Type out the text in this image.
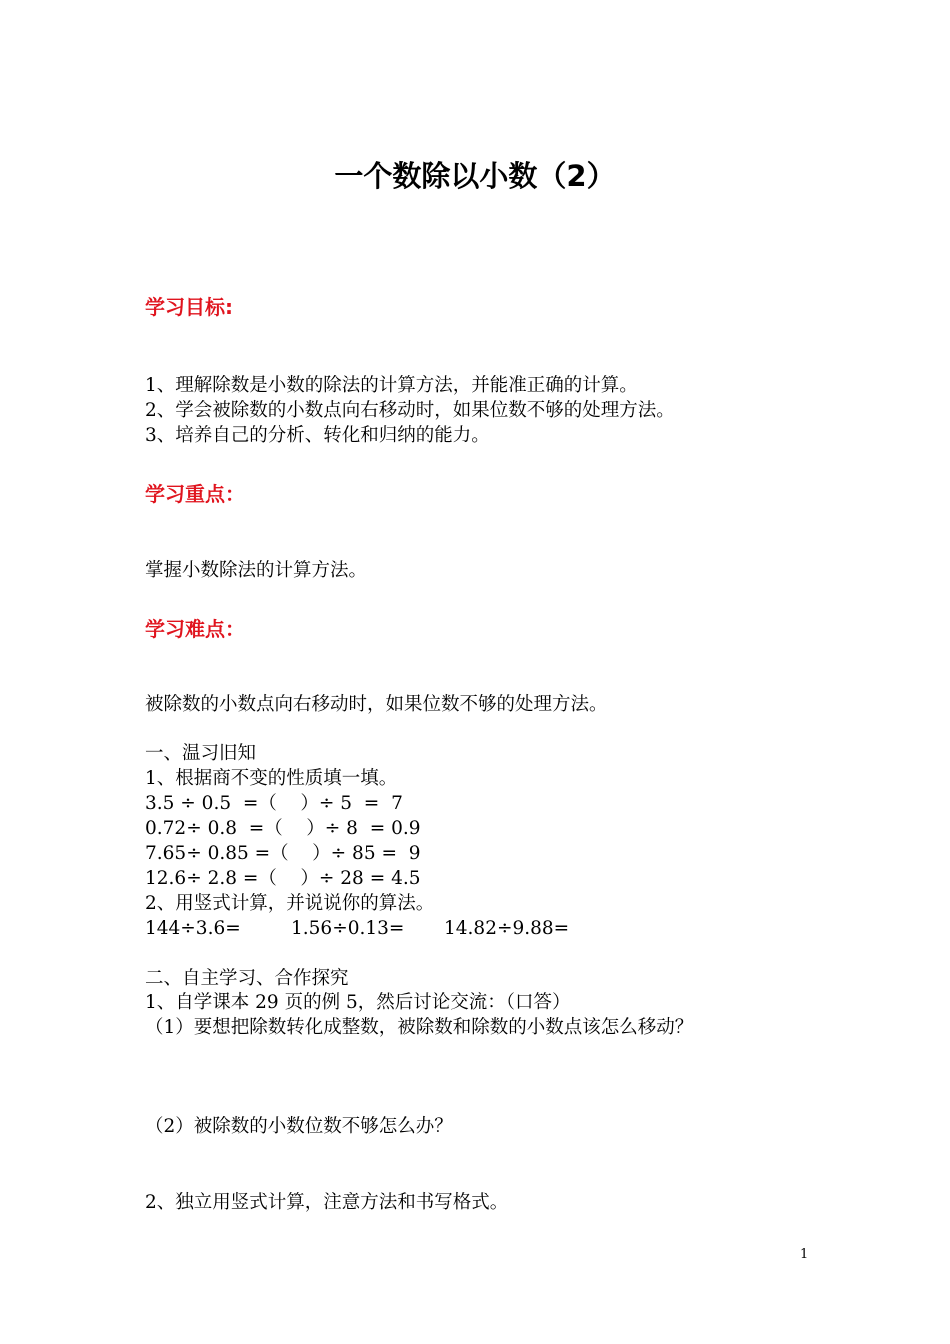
一个数除以小数（2）
学习目标:
1、理解除数是小数的除法的计算方法，并能准正确的计算。
2、学会被除数的小数点向右移动时，如果位数不够的处理方法。
3、培养自己的分析、转化和归纳的能力。
学习重点：
掌握小数除法的计算方法。
学习难点：
被除数的小数点向右移动时，如果位数不够的处理方法。
一、温习旧知
1、根据商不变的性质填一填。
3.5 ÷ 0.5  =（    ）÷ 5  =  7
0.72÷ 0.8  =（    ）÷ 8  = 0.9
7.65÷ 0.85 =（    ）÷ 85 =  9
12.6÷ 2.8 =（    ）÷ 28 = 4.5
2、用竖式计算，并说说你的算法。
144÷3.6=	1.56÷0.13= 14.82÷9.88=
二、自主学习、合作探究
1、自学课本 29 页的例 5，然后讨论交流：（口答）
（1）要想把除数转化成整数，被除数和除数的小数点该怎么移动？
（2）被除数的小数位数不够怎么办？
2、独立用竖式计算，注意方法和书写格式。
1
